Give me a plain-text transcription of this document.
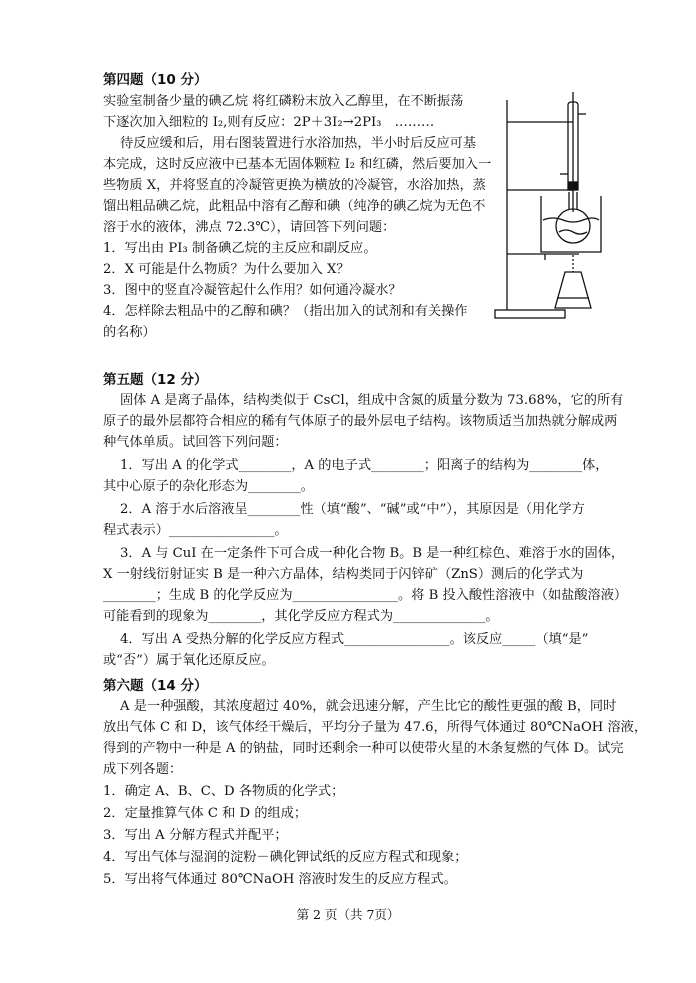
第四题（10 分）
实验室制备少量的碘乙烷 将红磷粉末放入乙醇里，在不断振荡
下逐次加入细粒的 I₂,则有反应：2P＋3I₂→2PI₃　………
待反应缓和后，用右图装置进行水浴加热，半小时后反应可基
本完成，这时反应液中已基本无固体颗粒 I₂ 和红磷，然后要加入一
些物质 X，并将竖直的冷凝管更换为横放的冷凝管，水浴加热，蒸
馏出粗品碘乙烷，此粗品中溶有乙醇和碘（纯净的碘乙烷为无色不
溶于水的液体，沸点 72.3℃），请回答下列问题：
1．写出由 PI₃ 制备碘乙烷的主反应和副反应。
2．X 可能是什么物质？为什么要加入 X？
3．图中的竖直冷凝管起什么作用？如何通冷凝水？
4．怎样除去粗品中的乙醇和碘？（指出加入的试剂和有关操作
的名称）
第五题（12 分）
固体 A 是离子晶体，结构类似于 CsCl，组成中含氮的质量分数为 73.68%，它的所有
原子的最外层都符合相应的稀有气体原子的最外层电子结构。该物质适当加热就分解成两
种气体单质。试回答下列问题：
1．写出 A 的化学式________，A 的电子式________；阳离子的结构为________体，
其中心原子的杂化形态为________。
2．A 溶于水后溶液呈________性（填“酸”、“碱”或“中”），其原因是（用化学方
程式表示）________________。
3．A 与 CuI 在一定条件下可合成一种化合物 B。B 是一种红棕色、难溶于水的固体，
X 一射线衍射证实 B 是一种六方晶体，结构类同于闪锌矿（ZnS）测后的化学式为
________；生成 B 的化学反应为________________。将 B 投入酸性溶液中（如盐酸溶液）
可能看到的现象为________，其化学反应方程式为______________。
4．写出 A 受热分解的化学反应方程式________________。该反应_____（填“是”
或“否”）属于氧化还原反应。
第六题（14 分）
A 是一种强酸，其浓度超过 40%，就会迅速分解，产生比它的酸性更强的酸 B，同时
放出气体 C 和 D，该气体经干燥后，平均分子量为 47.6，所得气体通过 80℃NaOH 溶液，
得到的产物中一种是 A 的钠盐，同时还剩余一种可以使带火星的木条复燃的气体 D。试完
成下列各题：
1．确定 A、B、C、D 各物质的化学式；
2．定量推算气体 C 和 D 的组成；
3．写出 A 分解方程式并配平；
4．写出气体与湿润的淀粉－碘化钾试纸的反应方程式和现象；
5．写出将气体通过 80℃NaOH 溶液时发生的反应方程式。
第 2 页（共 7页）
